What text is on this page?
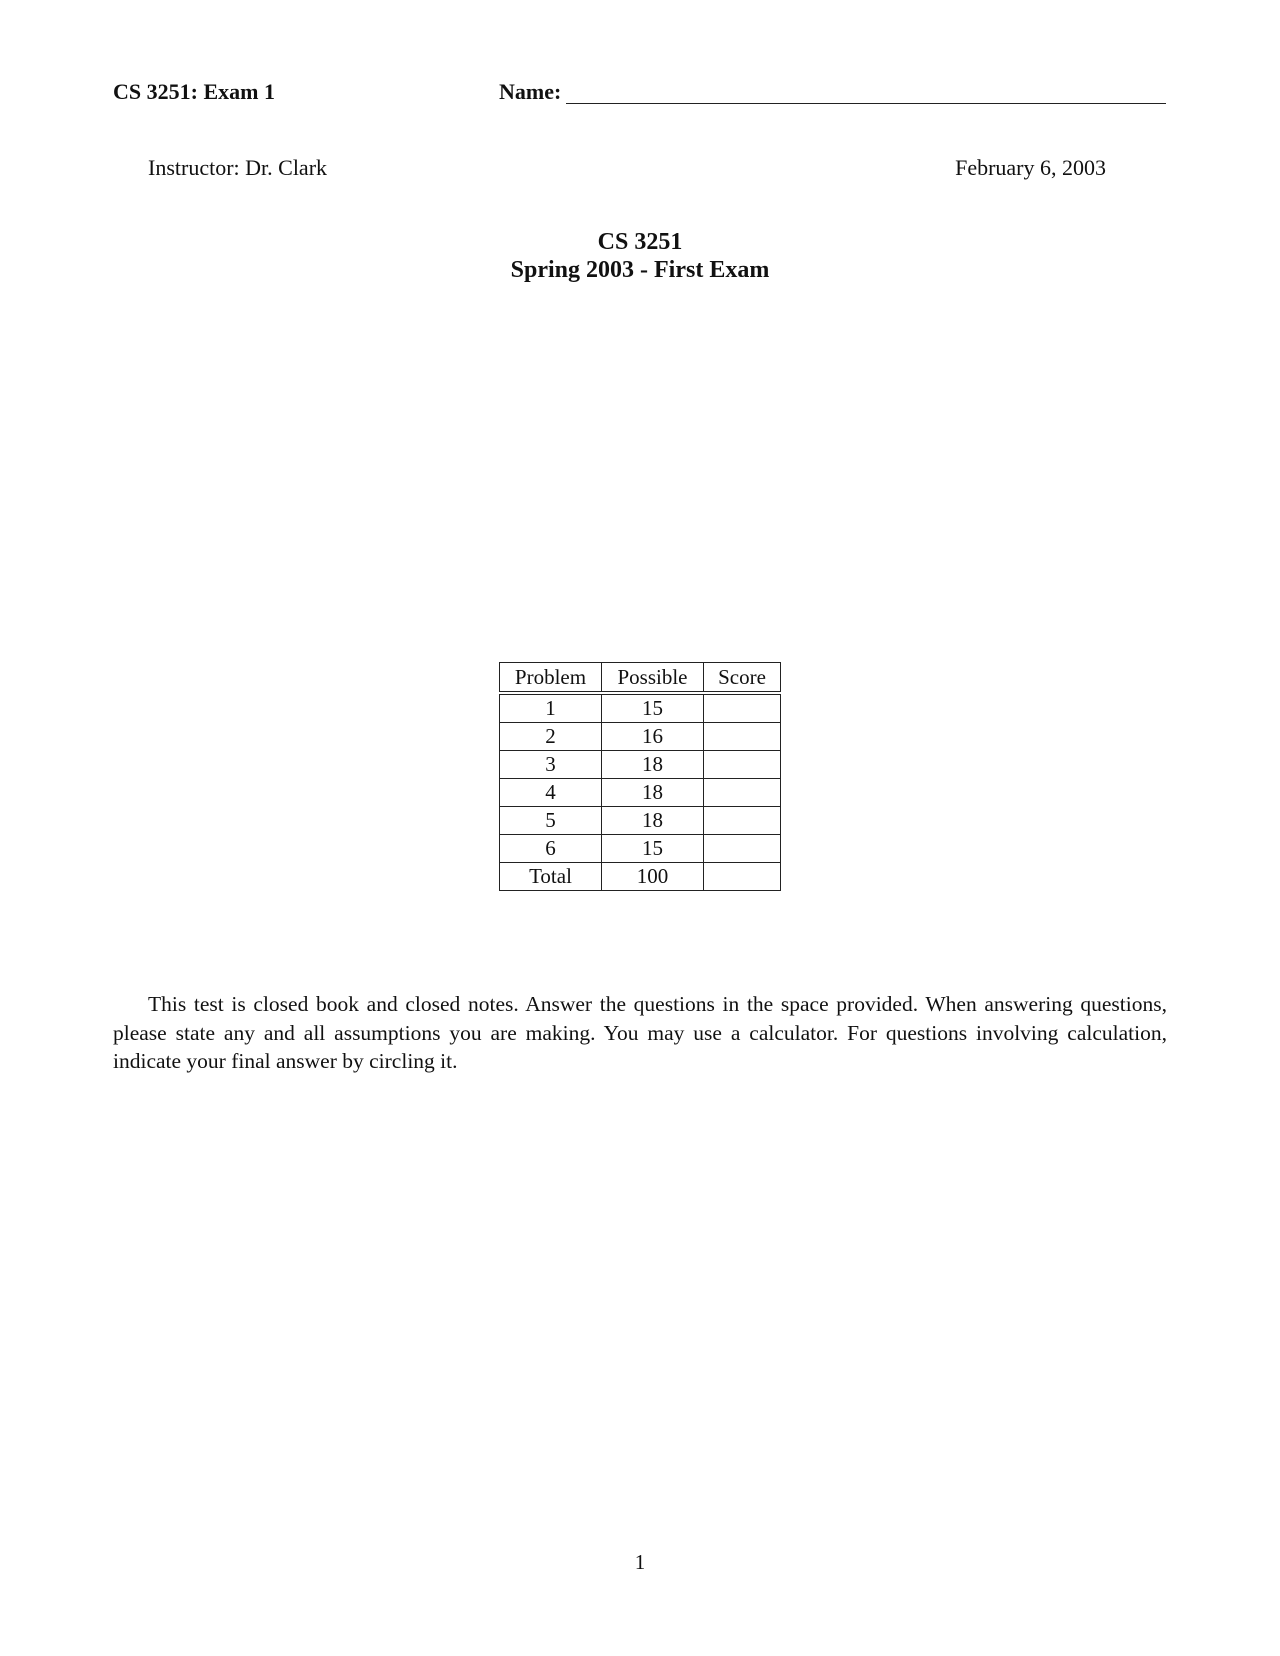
CS 3251: Exam 1	Name:
Instructor: Dr. Clark	February 6, 2003
CS 3251
Spring 2003 - First Exam
Problem	Possible	Score
1	15	
2	16	
3	18	
4	18	
5	18	
6	15	
Total	100	
This test is closed book and closed notes. Answer the questions in the space provided. When answering questions, please state any and all assumptions you are making. You may use a calculator. For questions involving calculation, indicate your final answer by circling it.
1
